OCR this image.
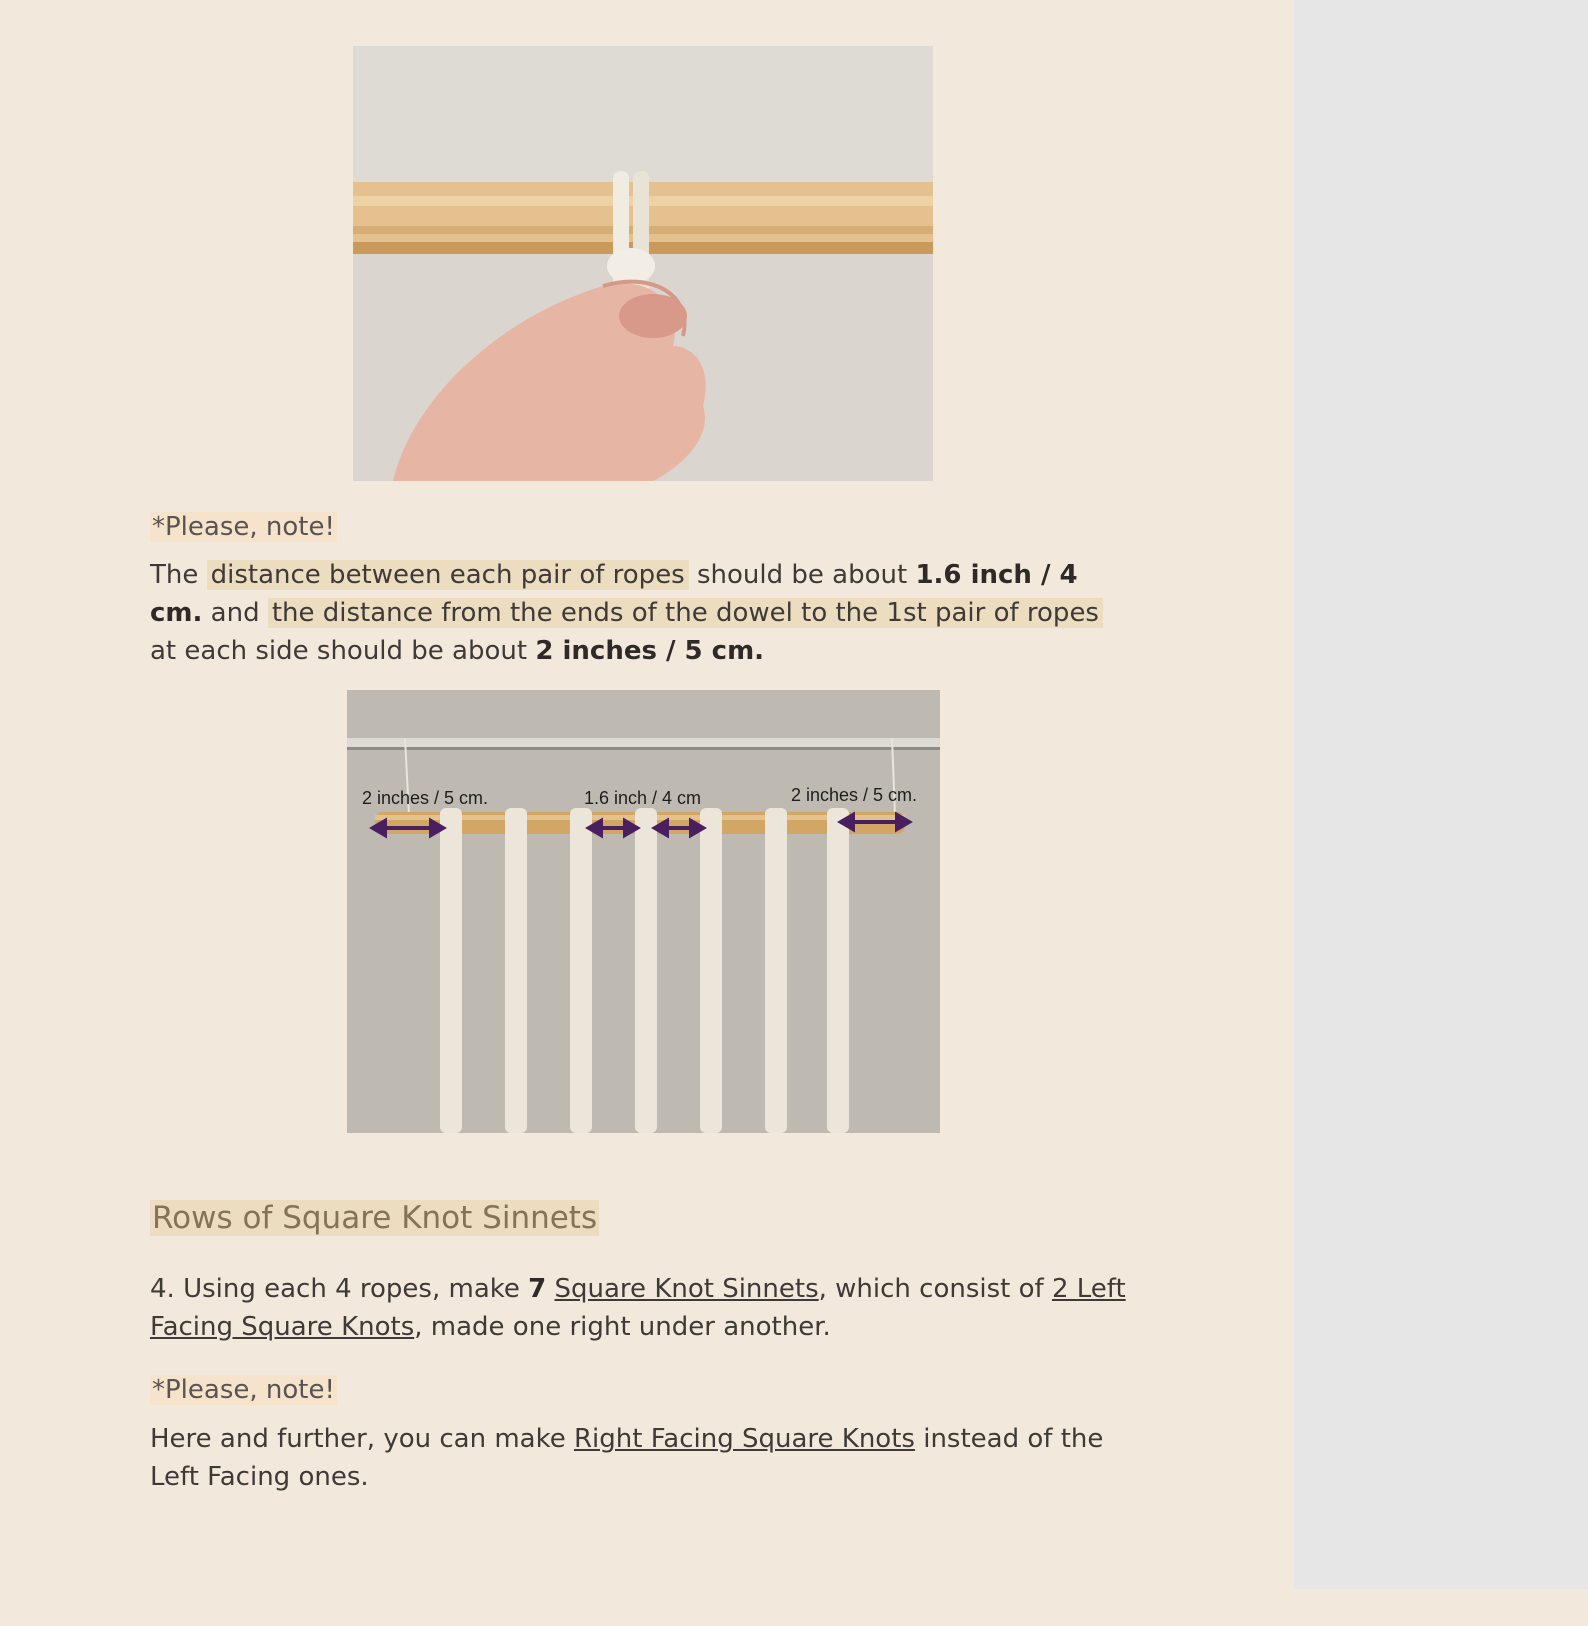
*Please, note!
The distance between each pair of ropes should be about 1.6 inch / 4 cm. and the distance from the ends of the dowel to the 1st pair of ropes at each side should be about 2 inches / 5 cm.
2 inches / 5 cm.	1.6 inch / 4 cm	2 inches / 5 cm.
Rows of Square Knot Sinnets
4. Using each 4 ropes, make 7 Square Knot Sinnets, which consist of 2 Left Facing Square Knots, made one right under another.
*Please, note!
Here and further, you can make Right Facing Square Knots instead of the Left Facing ones.
